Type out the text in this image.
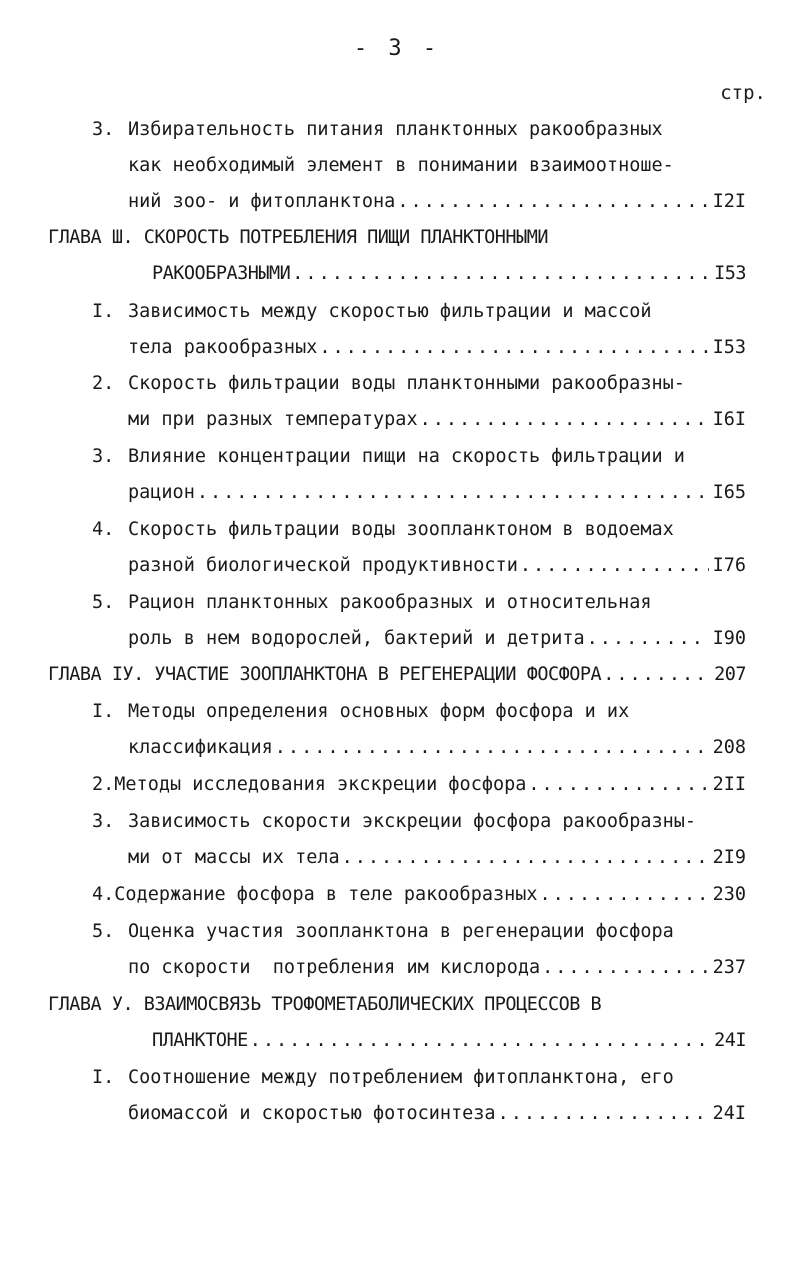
- 3 -
стр.
3. Избирательность питания планктонных ракообразных
как необходимый элемент в понимании взаимоотноше-
ний зоо- и фитопланктона .....	I2I
ГЛАВА Ш. СКОРОСТЬ ПОТРЕБЛЕНИЯ ПИЩИ ПЛАНКТОННЫМИ
РАКООБРАЗНЫМИ .....	I53
I. Зависимость между скоростью фильтрации и массой
тела ракообразных .....	I53
2. Скорость фильтрации воды планктонными ракообразны-
ми при разных температурах .....	I6I
3. Влияние концентрации пищи на скорость фильтрации и
рацион .....	I65
4. Скорость фильтрации воды зоопланктоном в водоемах
разной биологической продуктивности .....	I76
5. Рацион планктонных ракообразных и относительная
роль в нем водорослей, бактерий и детрита .....	I90
ГЛАВА IУ. УЧАСТИЕ ЗООПЛАНКТОНА В РЕГЕНЕРАЦИИ ФОСФОРА .....	207
I. Методы определения основных форм фосфора и их
классификация .....	208
2. Методы исследования экскреции фосфора .....	2II
3. Зависимость скорости экскреции фосфора ракообразны-
ми от массы их тела .....	2I9
4. Содержание фосфора в теле ракообразных .....	230
5. Оценка участия зоопланктона в регенерации фосфора
по скорости  потребления им кислорода .....	237
ГЛАВА У. ВЗАИМОСВЯЗЬ ТРОФОМЕТАБОЛИЧЕСКИХ ПРОЦЕССОВ В
ПЛАНКТОНЕ .....	24I
I. Соотношение между потреблением фитопланктона, его
биомассой и скоростью фотосинтеза .....	24I
